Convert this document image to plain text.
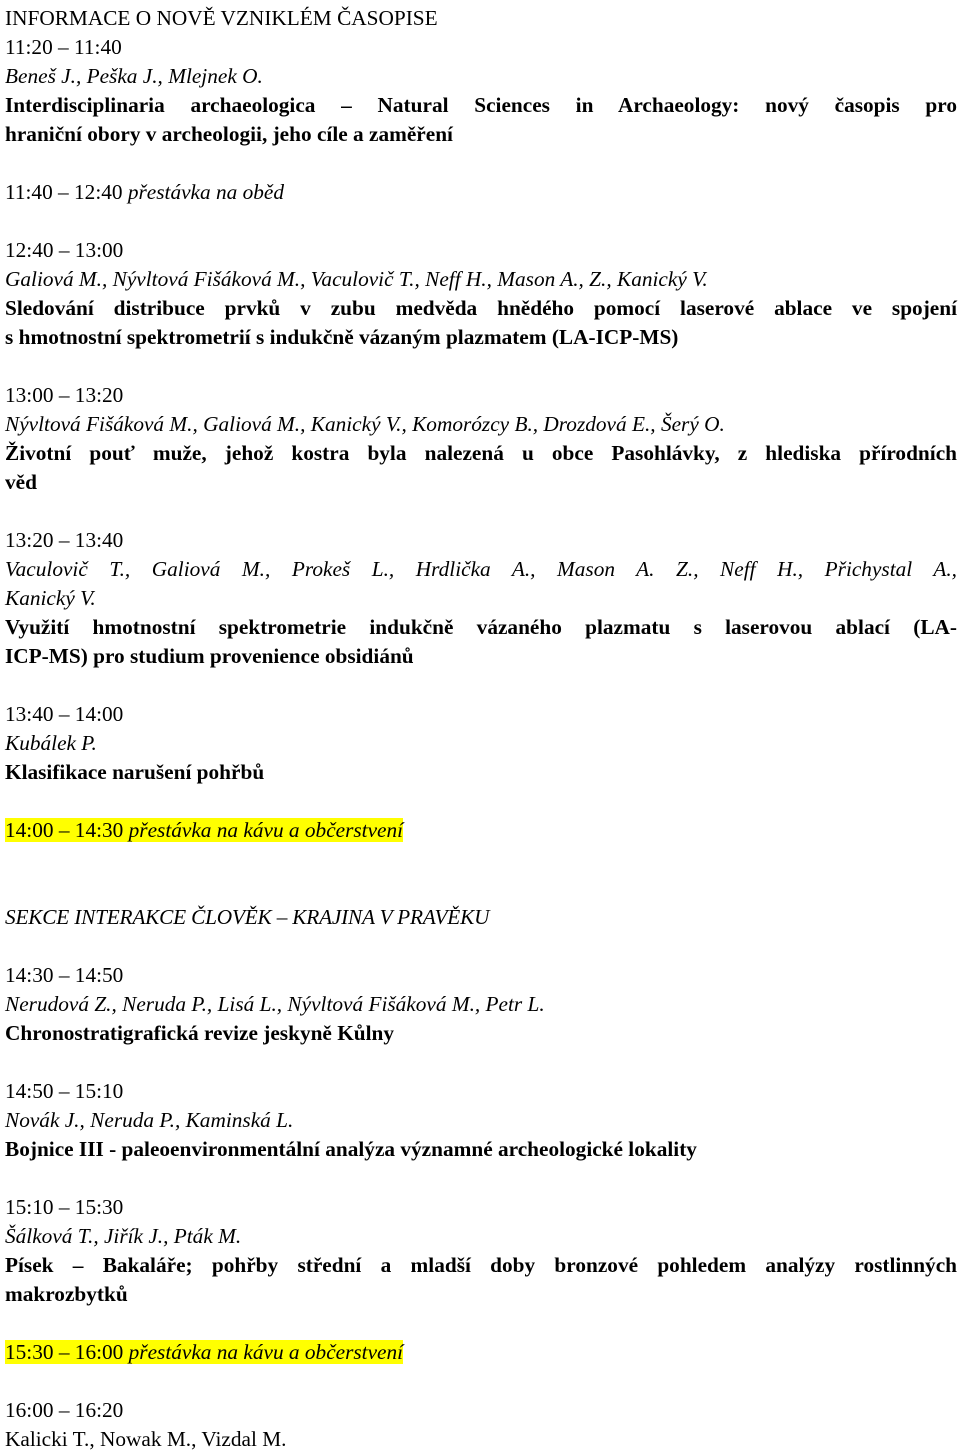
INFORMACE O NOVĚ VZNIKLÉM ČASOPISE
11:20 – 11:40
Beneš J., Peška J., Mlejnek O.
Interdisciplinaria archaeologica – Natural Sciences in Archaeology: nový časopis pro
hraniční obory v archeologii, jeho cíle a zaměření
11:40 – 12:40 přestávka na oběd
12:40 – 13:00
Galiová M., Nývltová Fišáková M., Vaculovič T., Neff H., Mason A., Z., Kanický V.
Sledování distribuce prvků v zubu medvěda hnědého pomocí laserové ablace ve spojení
s hmotnostní spektrometrií s indukčně vázaným plazmatem (LA-ICP-MS)
13:00 – 13:20
Nývltová Fišáková M., Galiová M., Kanický V., Komorózcy B., Drozdová E., Šerý O.
Životní pouť muže, jehož kostra byla nalezená u obce Pasohlávky, z hlediska přírodních
věd
13:20 – 13:40
Vaculovič T., Galiová M., Prokeš L., Hrdlička A., Mason A. Z., Neff H., Přichystal A.,
Kanický V.
Využití hmotnostní spektrometrie indukčně vázaného plazmatu s laserovou ablací (LA-
ICP-MS) pro studium provenience obsidiánů
13:40 – 14:00
Kubálek P.
Klasifikace narušení pohřbů
14:00 – 14:30 přestávka na kávu a občerstvení
SEKCE INTERAKCE ČLOVĚK – KRAJINA V PRAVĚKU
14:30 – 14:50
Nerudová Z., Neruda P., Lisá L., Nývltová Fišáková M., Petr L.
Chronostratigrafická revize jeskyně Kůlny
14:50 – 15:10
Novák J., Neruda P., Kaminská L.
Bojnice III - paleoenvironmentální analýza významné archeologické lokality
15:10 – 15:30
Šálková T., Jiřík J., Pták M.
Písek – Bakaláře; pohřby střední a mladší doby bronzové pohledem analýzy rostlinných
makrozbytků
15:30 – 16:00 přestávka na kávu a občerstvení
16:00 – 16:20
Kalicki T., Nowak M., Vizdal M.
